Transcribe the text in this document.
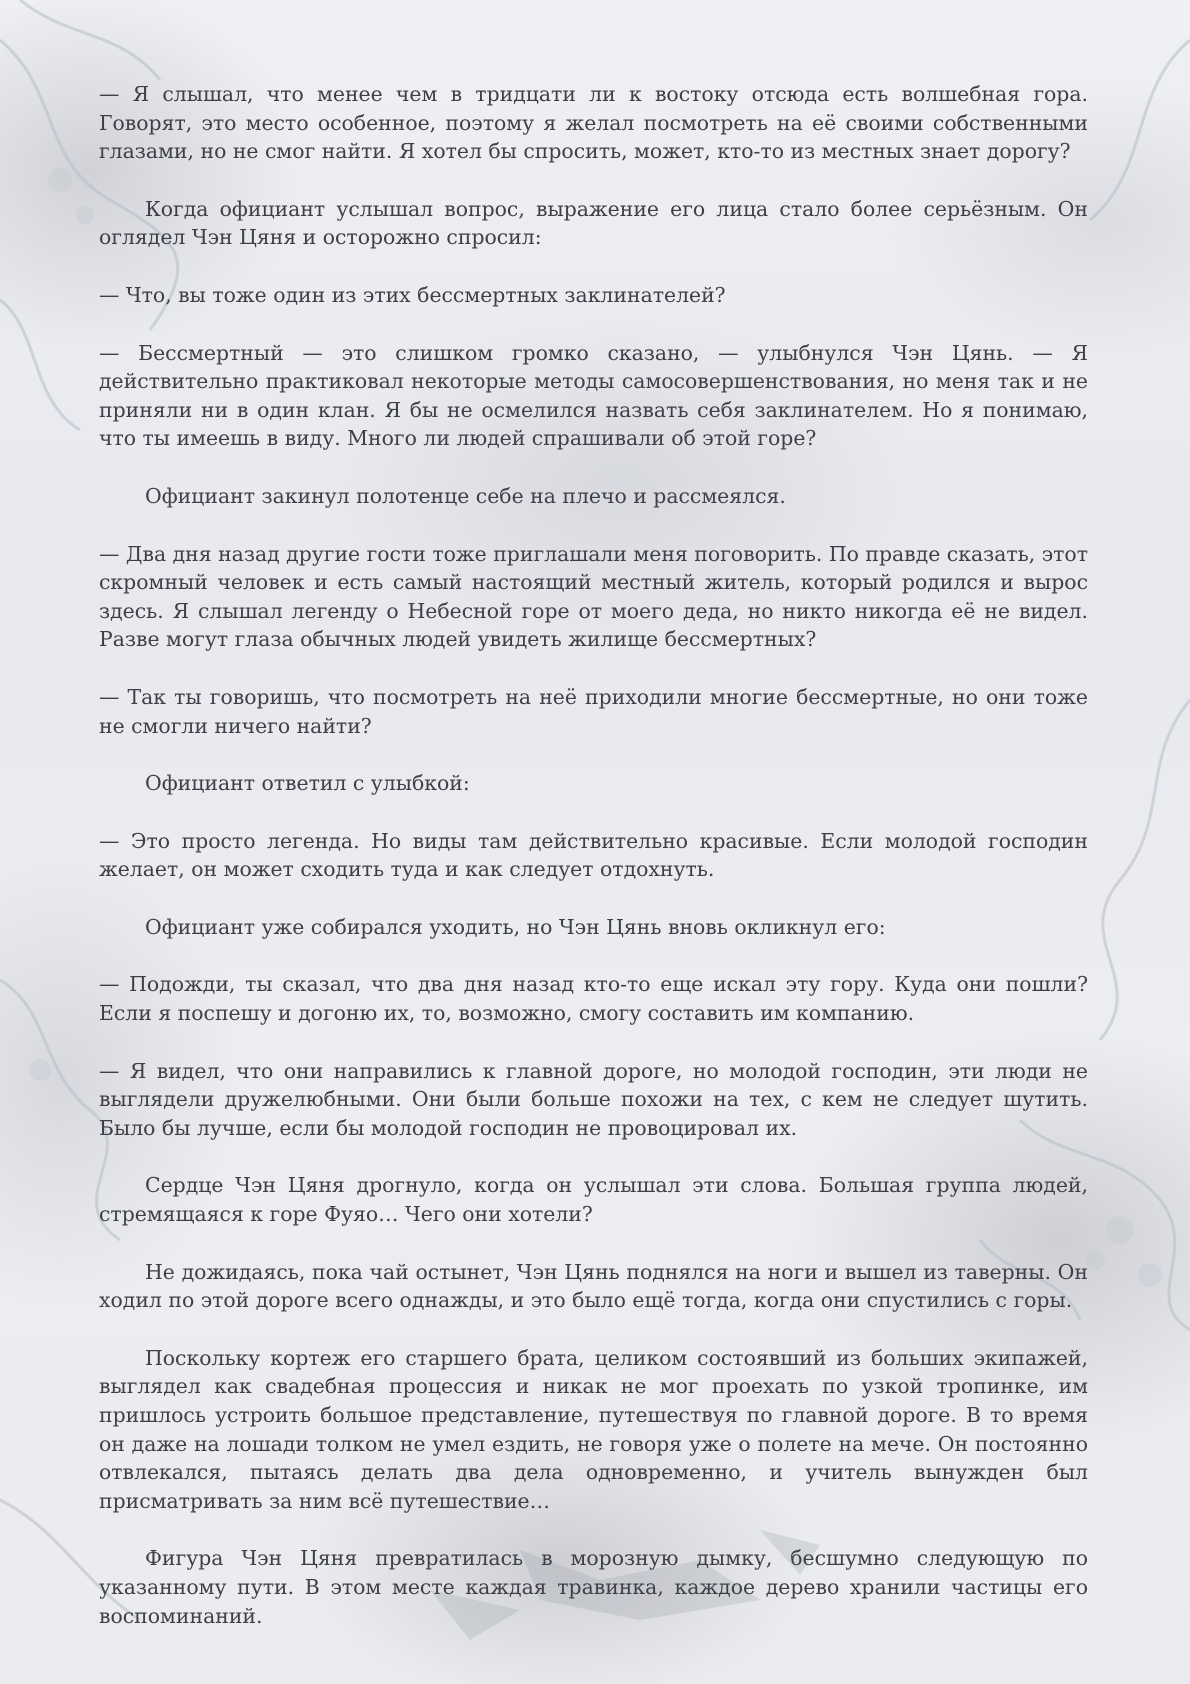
— Я слышал, что менее чем в тридцати ли к востоку отсюда есть волшебная гора. Говорят, это место особенное, поэтому я желал посмотреть на её своими собственными глазами, но не смог найти. Я хотел бы спросить, может, кто-то из местных знает дорогу?

Когда официант услышал вопрос, выражение его лица стало более серьёзным. Он оглядел Чэн Цяня и осторожно спросил:

— Что, вы тоже один из этих бессмертных заклинателей?

— Бессмертный — это слишком громко сказано, — улыбнулся Чэн Цянь. — Я действительно практиковал некоторые методы самосовершенствования, но меня так и не приняли ни в один клан. Я бы не осмелился назвать себя заклинателем. Но я понимаю, что ты имеешь в виду. Много ли людей спрашивали об этой горе?

Официант закинул полотенце себе на плечо и рассмеялся.

— Два дня назад другие гости тоже приглашали меня поговорить. По правде сказать, этот скромный человек и есть самый настоящий местный житель, который родился и вырос здесь. Я слышал легенду о Небесной горе от моего деда, но никто никогда её не видел. Разве могут глаза обычных людей увидеть жилище бессмертных?

— Так ты говоришь, что посмотреть на неё приходили многие бессмертные, но они тоже не смогли ничего найти?

Официант ответил с улыбкой:

— Это просто легенда. Но виды там действительно красивые. Если молодой господин желает, он может сходить туда и как следует отдохнуть.

Официант уже собирался уходить, но Чэн Цянь вновь окликнул его:

— Подожди, ты сказал, что два дня назад кто-то еще искал эту гору. Куда они пошли? Если я поспешу и догоню их, то, возможно, смогу составить им компанию.

— Я видел, что они направились к главной дороге, но молодой господин, эти люди не выглядели дружелюбными. Они были больше похожи на тех, с кем не следует шутить. Было бы лучше, если бы молодой господин не провоцировал их.

Сердце Чэн Цяня дрогнуло, когда он услышал эти слова. Большая группа людей, стремящаяся к горе Фуяо… Чего они хотели?

Не дожидаясь, пока чай остынет, Чэн Цянь поднялся на ноги и вышел из таверны. Он ходил по этой дороге всего однажды, и это было ещё тогда, когда они спустились с горы.

Поскольку кортеж его старшего брата, целиком состоявший из больших экипажей, выглядел как свадебная процессия и никак не мог проехать по узкой тропинке, им пришлось устроить большое представление, путешествуя по главной дороге. В то время он даже на лошади толком не умел ездить, не говоря уже о полете на мече. Он постоянно отвлекался, пытаясь делать два дела одновременно, и учитель вынужден был присматривать за ним всё путешествие…

Фигура Чэн Цяня превратилась в морозную дымку, бесшумно следующую по указанному пути. В этом месте каждая травинка, каждое дерево хранили частицы его воспоминаний.
